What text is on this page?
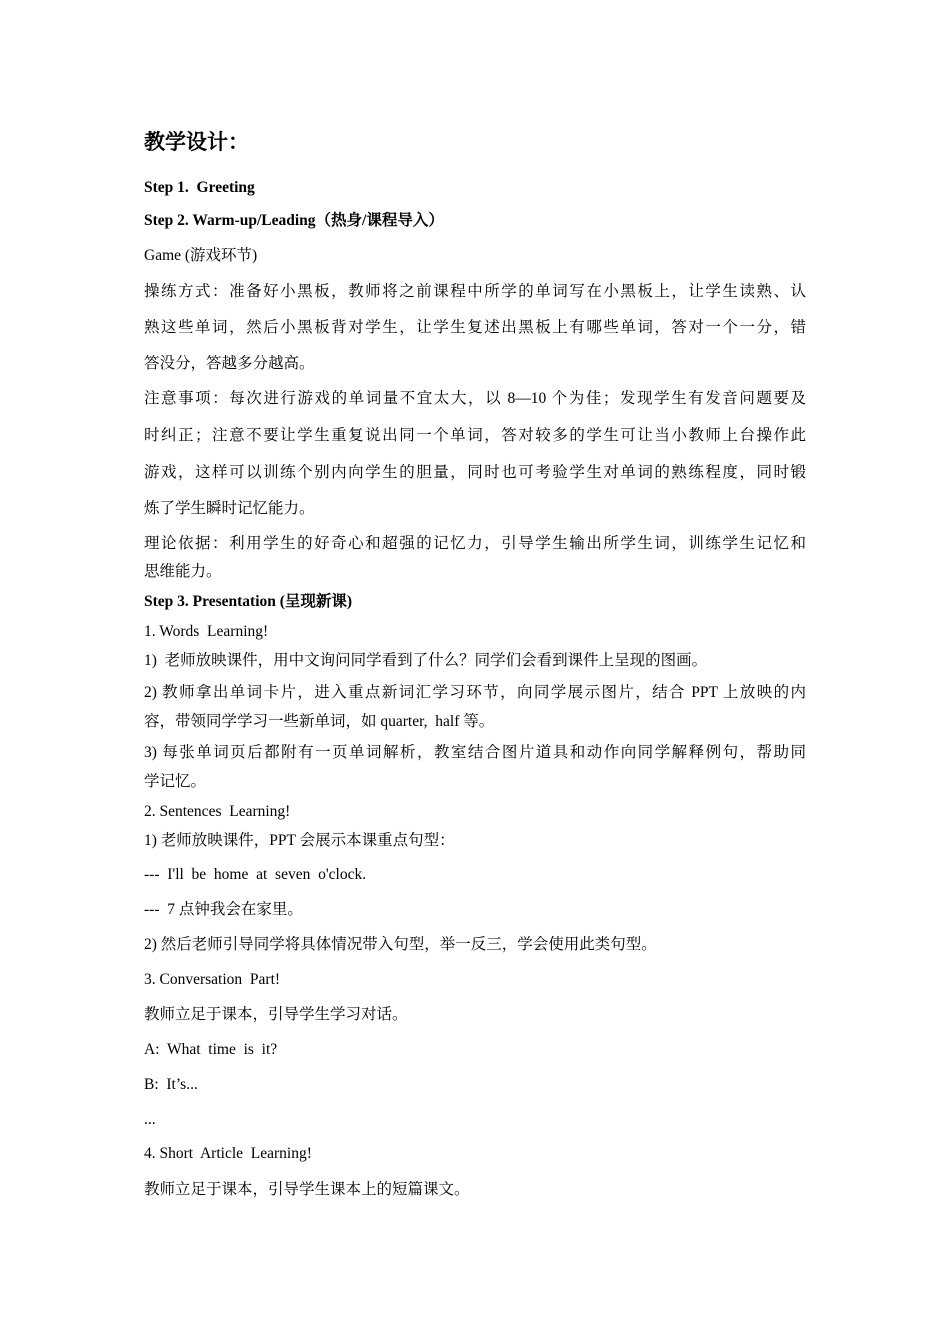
教学设计：
Step 1.  Greeting
Step 2. Warm-up/Leading（热身/课程导入）
Game (游戏环节)
操练方式：准备好小黑板，教师将之前课程中所学的单词写在小黑板上，让学生读熟、认
熟这些单词，然后小黑板背对学生，让学生复述出黑板上有哪些单词，答对一个一分，错
答没分，答越多分越高。
注意事项：每次进行游戏的单词量不宜太大，以 8—10 个为佳；发现学生有发音问题要及
时纠正；注意不要让学生重复说出同一个单词，答对较多的学生可让当小教师上台操作此
游戏，这样可以训练个别内向学生的胆量，同时也可考验学生对单词的熟练程度，同时锻
炼了学生瞬时记忆能力。
理论依据：利用学生的好奇心和超强的记忆力，引导学生输出所学生词，训练学生记忆和
思维能力。
Step 3. Presentation (呈现新课)
1. Words  Learning!
1)  老师放映课件，用中文询问同学看到了什么？同学们会看到课件上呈现的图画。
2) 教师拿出单词卡片，进入重点新词汇学习环节，向同学展示图片，结合 PPT 上放映的内
容，带领同学学习一些新单词，如 quarter,  half 等。
3) 每张单词页后都附有一页单词解析，教室结合图片道具和动作向同学解释例句，帮助同
学记忆。
2. Sentences  Learning!
1) 老师放映课件，PPT 会展示本课重点句型：
---  I'll  be  home  at  seven  o'clock.
---  7 点钟我会在家里。
2) 然后老师引导同学将具体情况带入句型，举一反三，学会使用此类句型。
3. Conversation  Part!
教师立足于课本，引导学生学习对话。
A:  What  time  is  it?
B:  It’s...
...
4. Short  Article  Learning!
教师立足于课本，引导学生课本上的短篇课文。
